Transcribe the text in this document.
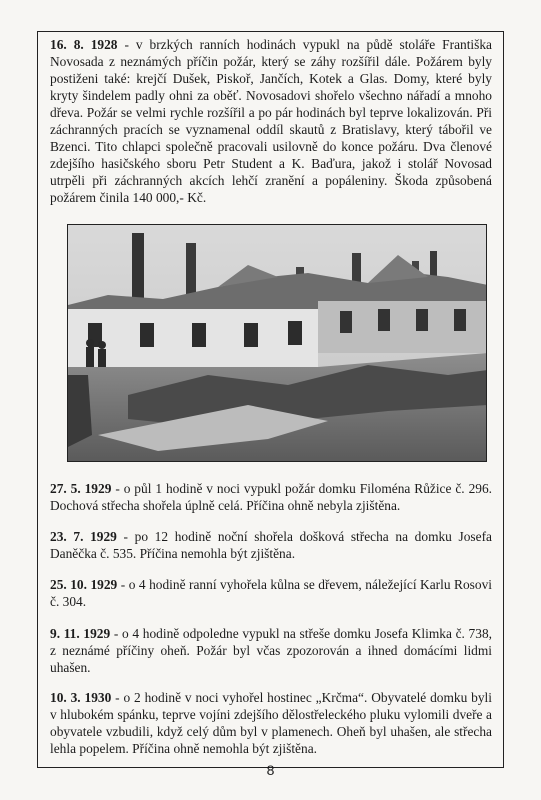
16. 8. 1928 - v brzkých ranních hodinách vypukl na půdě stoláře Františka Novosada z neznámých příčin požár, který se záhy rozšířil dále. Požárem byly postiženi také: krejčí Dušek, Piskoř, Jančích, Kotek a Glas. Domy, které byly kryty šindelem padly ohni za oběť. Novosadovi shořelo všechno nářadí a mnoho dřeva. Požár se velmi rychle rozšířil a po pár hodinách byl teprve lokalizován. Při záchranných pracích se vyznamenal oddíl skautů z Bratislavy, který tábořil ve Bzenci. Tito chlapci společně pracovali usilovně do konce požáru. Dva členové zdejšího hasičského sboru Petr Student a K. Baďura, jakož i stolář Novosad utrpěli při záchranných akcích lehčí zranění a popáleniny. Škoda způsobená požárem činila 140 000,- Kč.

27. 5. 1929 - o půl 1 hodině v noci vypukl požár domku Filoména Růžice č. 296. Dochová střecha shořela úplně celá. Příčina ohně nebyla zjištěna.

23. 7. 1929 - po 12 hodině noční shořela došková střecha na domku Josefa Daněčka č. 535. Příčina nemohla být zjištěna.

25. 10. 1929 - o 4 hodině ranní vyhořela kůlna se dřevem, náležející Karlu Rosovi č. 304.

9. 11. 1929 - o 4 hodině odpoledne vypukl na střeše domku Josefa Klimka č. 738, z neznámé příčiny oheň. Požár byl včas zpozorován a ihned domácími lidmi uhašen.

10. 3. 1930 - o 2 hodině v noci vyhořel hostinec „Krčma“. Obyvatelé domku byli v hlubokém spánku, teprve vojíni zdejšího dělostřeleckého pluku vylomili dveře a obyvatele vzbudili, když celý dům byl v plamenech. Oheň byl uhašen, ale střecha lehla popelem. Příčina ohně nemohla být zjištěna.

8
